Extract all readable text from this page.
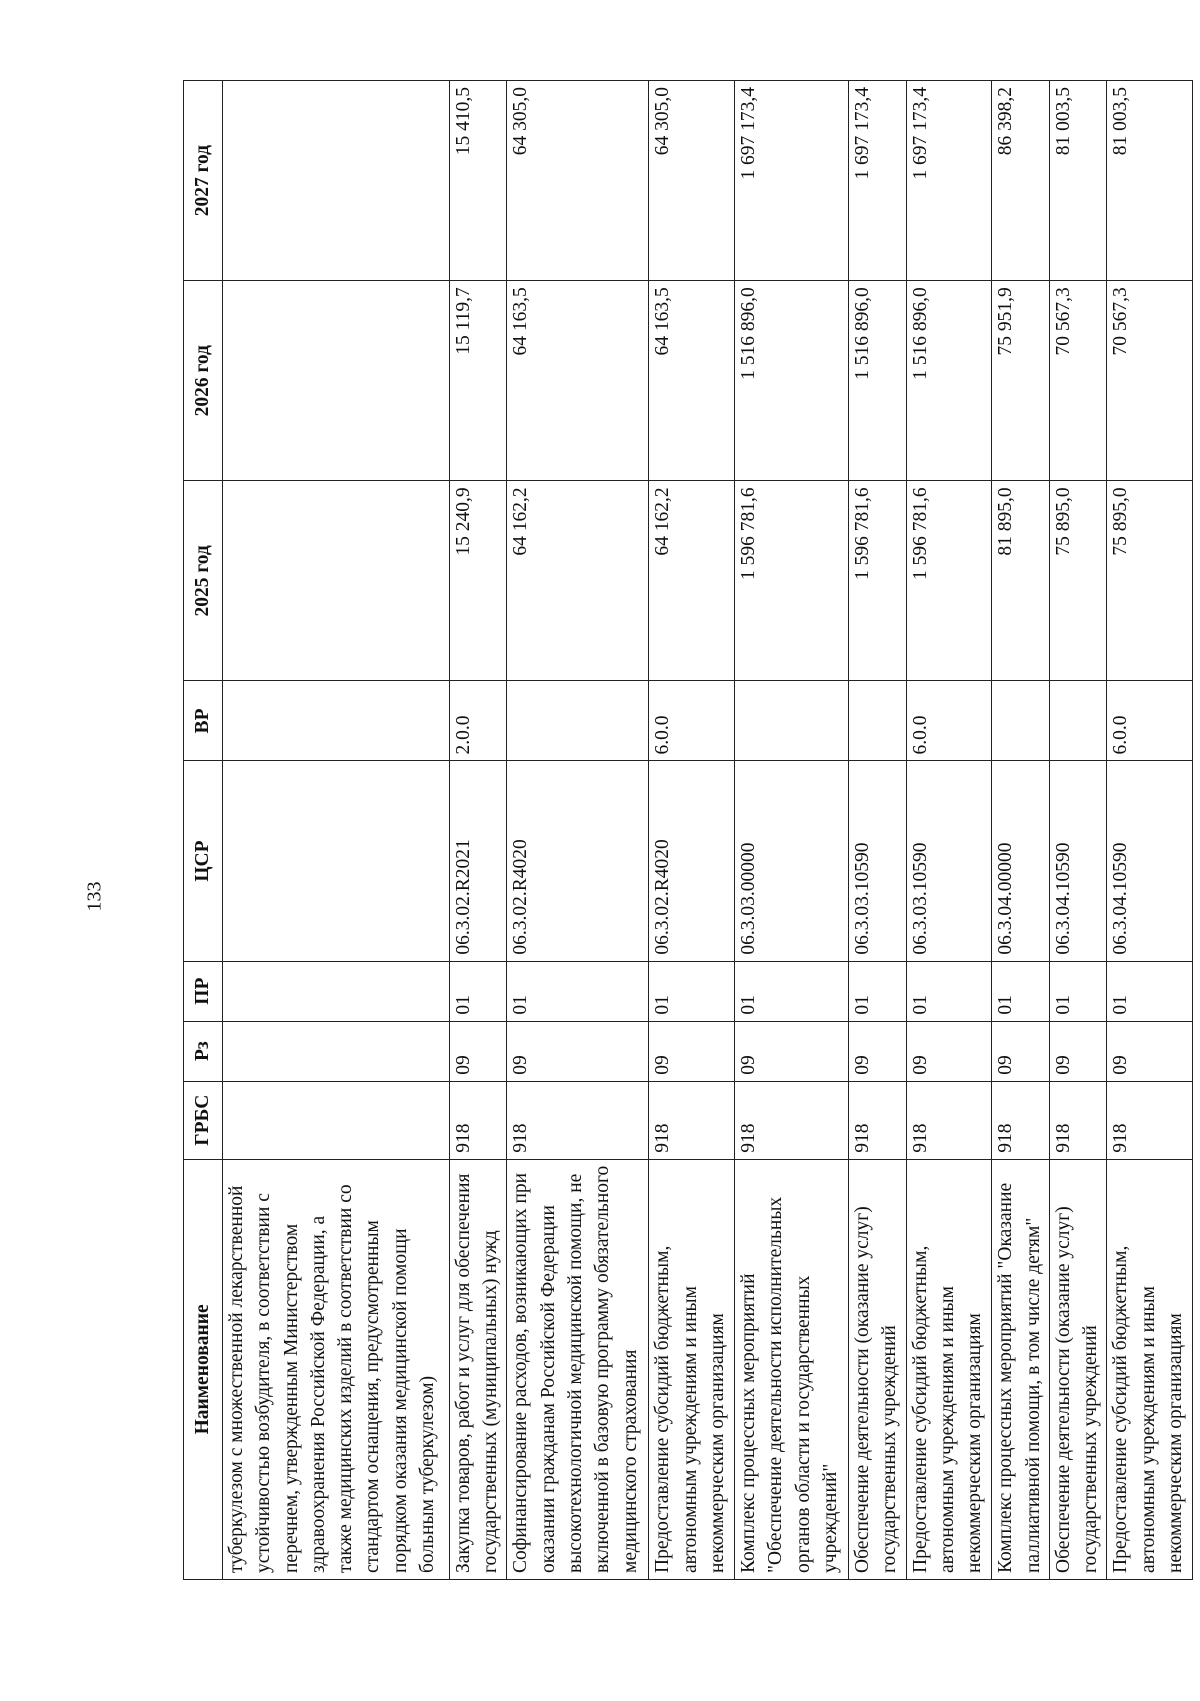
133
Наименование	ГРБС	Рз	ПР	ЦСР	ВР	2025 год	2026 год	2027 год
туберкулезом с множественной лекарственной устойчивостью возбудителя, в соответствии с перечнем, утвержденным Министерством здравоохранения Российской Федерации, а также медицинских изделий в соответствии со стандартом оснащения, предусмотренным порядком оказания медицинской помощи больным туберкулезом)								
Закупка товаров, работ и услуг для обеспечения государственных (муниципальных) нужд	918	09	01	06.3.02.R2021	2.0.0	15 240,9	15 119,7	15 410,5
Софинансирование расходов, возникающих при оказании гражданам Российской Федерации высокотехнологичной медицинской помощи, не включенной в базовую программу обязательного медицинского страхования	918	09	01	06.3.02.R4020		64 162,2	64 163,5	64 305,0
Предоставление субсидий бюджетным, автономным учреждениям и иным некоммерческим организациям	918	09	01	06.3.02.R4020	6.0.0	64 162,2	64 163,5	64 305,0
Комплекс процессных мероприятий "Обеспечение деятельности исполнительных органов области и государственных учреждений"	918	09	01	06.3.03.00000		1 596 781,6	1 516 896,0	1 697 173,4
Обеспечение деятельности (оказание услуг) государственных учреждений	918	09	01	06.3.03.10590		1 596 781,6	1 516 896,0	1 697 173,4
Предоставление субсидий бюджетным, автономным учреждениям и иным некоммерческим организациям	918	09	01	06.3.03.10590	6.0.0	1 596 781,6	1 516 896,0	1 697 173,4
Комплекс процессных мероприятий "Оказание паллиативной помощи, в том числе детям"	918	09	01	06.3.04.00000		81 895,0	75 951,9	86 398,2
Обеспечение деятельности (оказание услуг) государственных учреждений	918	09	01	06.3.04.10590		75 895,0	70 567,3	81 003,5
Предоставление субсидий бюджетным, автономным учреждениям и иным некоммерческим организациям	918	09	01	06.3.04.10590	6.0.0	75 895,0	70 567,3	81 003,5
